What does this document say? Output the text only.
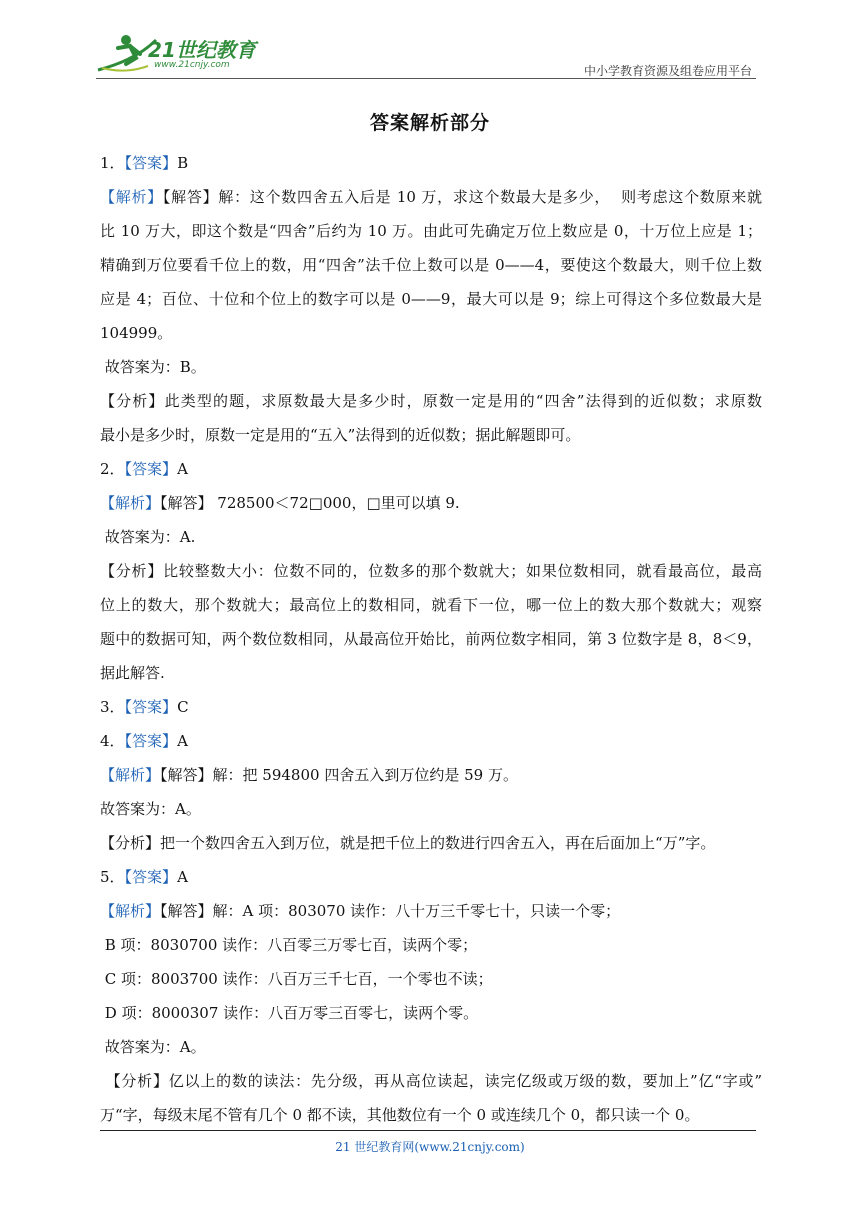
21世纪教育
www.21cnjy.com	中小学教育资源及组卷应用平台
答案解析部分
1．【答案】B
【解析】【解答】解：这个数四舍五入后是 10 万，求这个数最大是多少，  则考虑这个数原来就
比 10 万大，即这个数是“四舍”后约为 10 万。由此可先确定万位上数应是 0，十万位上应是 1；
精确到万位要看千位上的数，用“四舍”法千位上数可以是 0——4，要使这个数最大，则千位上数
应是 4；百位、十位和个位上的数字可以是 0——9，最大可以是 9；综上可得这个多位数最大是
104999。
故答案为：B。
【分析】此类型的题，求原数最大是多少时，原数一定是用的“四舍”法得到的近似数；求原数
最小是多少时，原数一定是用的“五入”法得到的近似数；据此解题即可。
2．【答案】A
【解析】【解答】 728500＜72□000，□里可以填 9.
故答案为：A.
【分析】比较整数大小：位数不同的，位数多的那个数就大；如果位数相同，就看最高位，最高
位上的数大，那个数就大；最高位上的数相同，就看下一位，哪一位上的数大那个数就大；观察
题中的数据可知，两个数位数相同，从最高位开始比，前两位数字相同，第 3 位数字是 8，8＜9，
据此解答.
3．【答案】C
4．【答案】A
【解析】【解答】解：把 594800 四舍五入到万位约是 59 万。
故答案为：A。
【分析】把一个数四舍五入到万位，就是把千位上的数进行四舍五入，再在后面加上“万”字。
5．【答案】A
【解析】【解答】解：A 项：803070 读作：八十万三千零七十，只读一个零；
B 项：8030700 读作：八百零三万零七百，读两个零；
C 项：8003700 读作：八百万三千七百，一个零也不读；
D 项：8000307 读作：八百万零三百零七，读两个零。
故答案为：A。
【分析】亿以上的数的读法：先分级，再从高位读起，读完亿级或万级的数，要加上”亿“字或”
万“字，每级末尾不管有几个 0 都不读，其他数位有一个 0 或连续几个 0，都只读一个 0。
21 世纪教育网(www.21cnjy.com)
